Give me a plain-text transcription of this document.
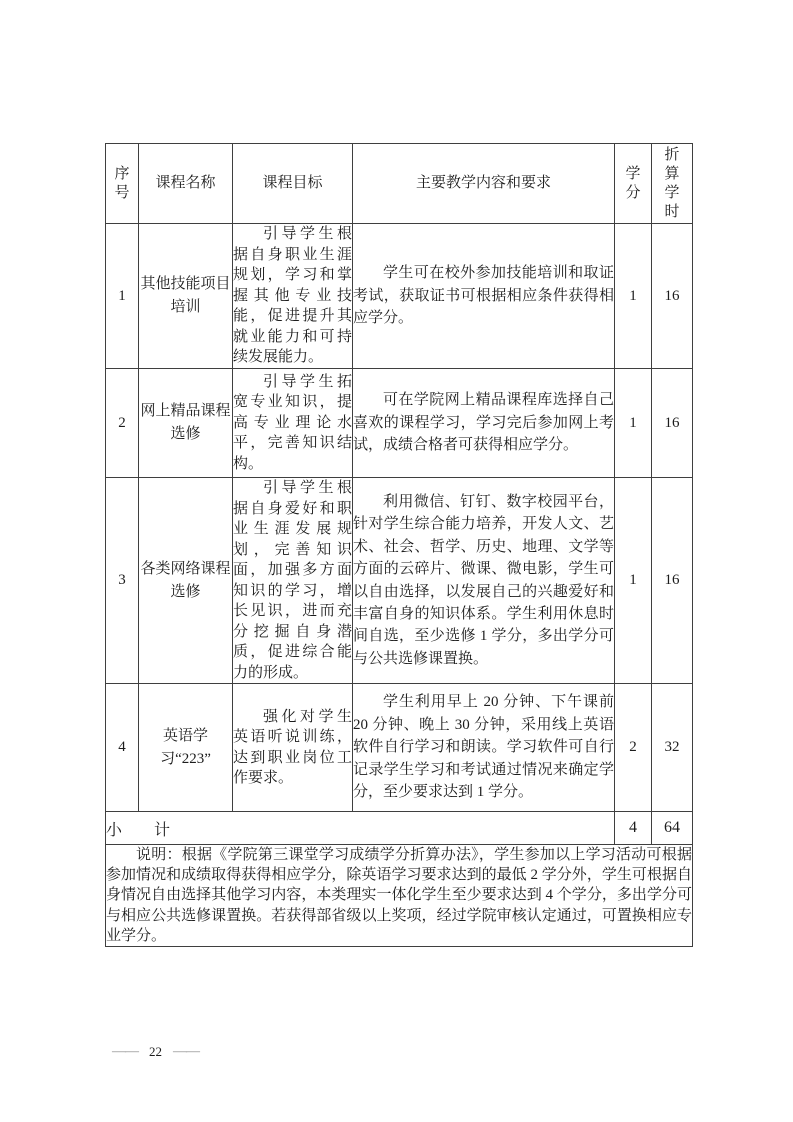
序号	课程名称	课程目标	主要教学内容和要求	学分	折算学时
1	其他技能项目培训	引导学生根据自身职业生涯规划，学习和掌握其他专业技能，促进提升其就业能力和可持续发展能力。	学生可在校外参加技能培训和取证考试，获取证书可根据相应条件获得相应学分。	1	16
2	网上精品课程选修	引导学生拓宽专业知识，提高专业理论水平，完善知识结构。	可在学院网上精品课程库选择自己喜欢的课程学习，学习完后参加网上考试，成绩合格者可获得相应学分。	1	16
3	各类网络课程选修	引导学生根据自身爱好和职业生涯发展规划，完善知识面，加强多方面知识的学习，增长见识，进而充分挖掘自身潜质，促进综合能力的形成。	利用微信、钉钉、数字校园平台，针对学生综合能力培养，开发人文、艺术、社会、哲学、历史、地理、文学等方面的云碎片、微课、微电影，学生可以自由选择，以发展自己的兴趣爱好和丰富自身的知识体系。学生利用休息时间自选，至少选修 1 学分，多出学分可与公共选修课置换。	1	16
4	英语学习“223”	强化对学生英语听说训练，达到职业岗位工作要求。	学生利用早上 20 分钟、下午课前 20 分钟、晚上 30 分钟，采用线上英语软件自行学习和朗读。学习软件可自行记录学生学习和考试通过情况来确定学分，至少要求达到 1 学分。	2	32
小　　计				4	64

说明：根据《学院第三课堂学习成绩学分折算办法》，学生参加以上学习活动可根据参加情况和成绩取得获得相应学分，除英语学习要求达到的最低 2 学分外，学生可根据自身情况自由选择其他学习内容，本类理实一体化学生至少要求达到 4 个学分，多出学分可与相应公共选修课置换。若获得部省级以上奖项，经过学院审核认定通过，可置换相应专业学分。					

—— 22 ——
